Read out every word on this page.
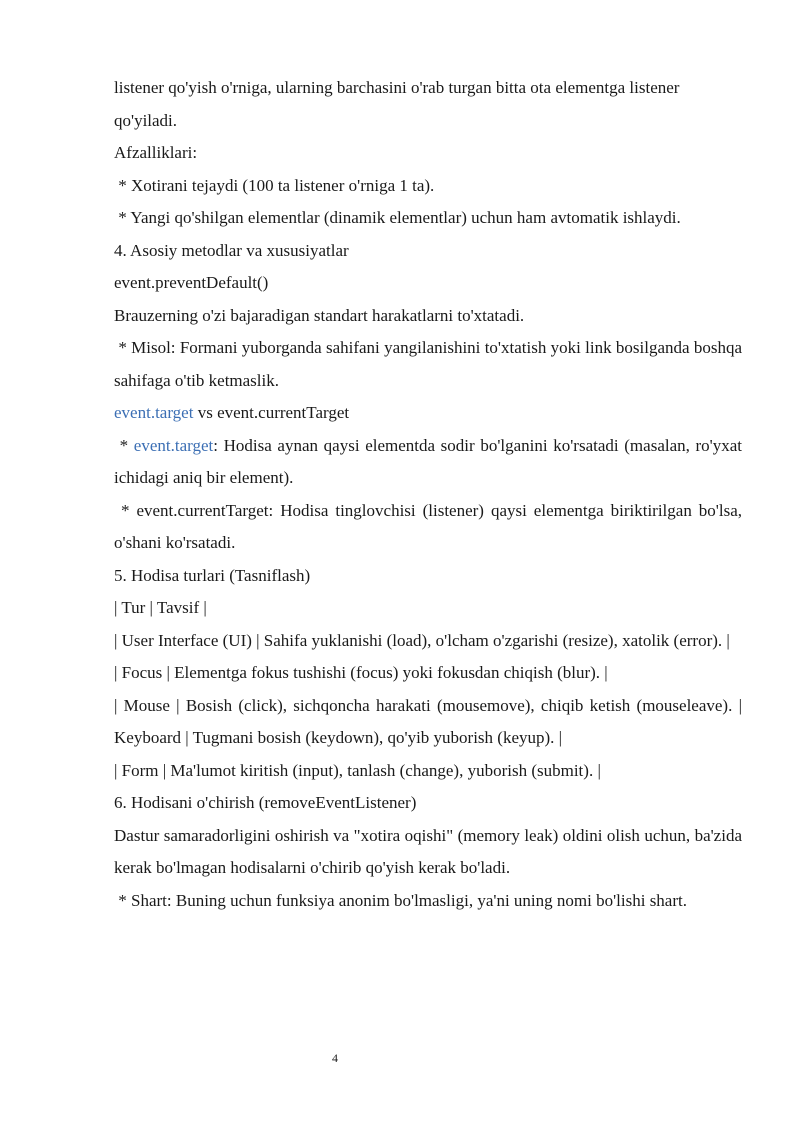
listener qo'yish o'rniga, ularning barchasini o'rab turgan bitta ota elementga listener
qo'yiladi.
Afzalliklari:
* Xotirani tejaydi (100 ta listener o'rniga 1 ta).
* Yangi qo'shilgan elementlar (dinamik elementlar) uchun ham avtomatik ishlaydi.
4. Asosiy metodlar va xususiyatlar
event.preventDefault()
Brauzerning o'zi bajaradigan standart harakatlarni to'xtatadi.
* Misol: Formani yuborganda sahifani yangilanishini to'xtatish yoki link bosilganda boshqa sahifaga o'tib ketmaslik.
event.target vs event.currentTarget
* event.target: Hodisa aynan qaysi elementda sodir bo'lganini ko'rsatadi (masalan, ro'yxat ichidagi aniq bir element).
* event.currentTarget: Hodisa tinglovchisi (listener) qaysi elementga biriktirilgan bo'lsa, o'shani ko'rsatadi.
5. Hodisa turlari (Tasniflash)
| Tur | Tavsif |
| User Interface (UI) | Sahifa yuklanishi (load), o'lcham o'zgarishi (resize), xatolik (error). |
| Focus | Elementga fokus tushishi (focus) yoki fokusdan chiqish (blur). |
| Mouse | Bosish (click), sichqoncha harakati (mousemove), chiqib ketish (mouseleave). | Keyboard | Tugmani bosish (keydown), qo'yib yuborish (keyup). |
| Form | Ma'lumot kiritish (input), tanlash (change), yuborish (submit). |
6. Hodisani o'chirish (removeEventListener)
Dastur samaradorligini oshirish va "xotira oqishi" (memory leak) oldini olish uchun, ba'zida kerak bo'lmagan hodisalarni o'chirib qo'yish kerak bo'ladi.
* Shart: Buning uchun funksiya anonim bo'lmasligi, ya'ni uning nomi bo'lishi shart.
4
